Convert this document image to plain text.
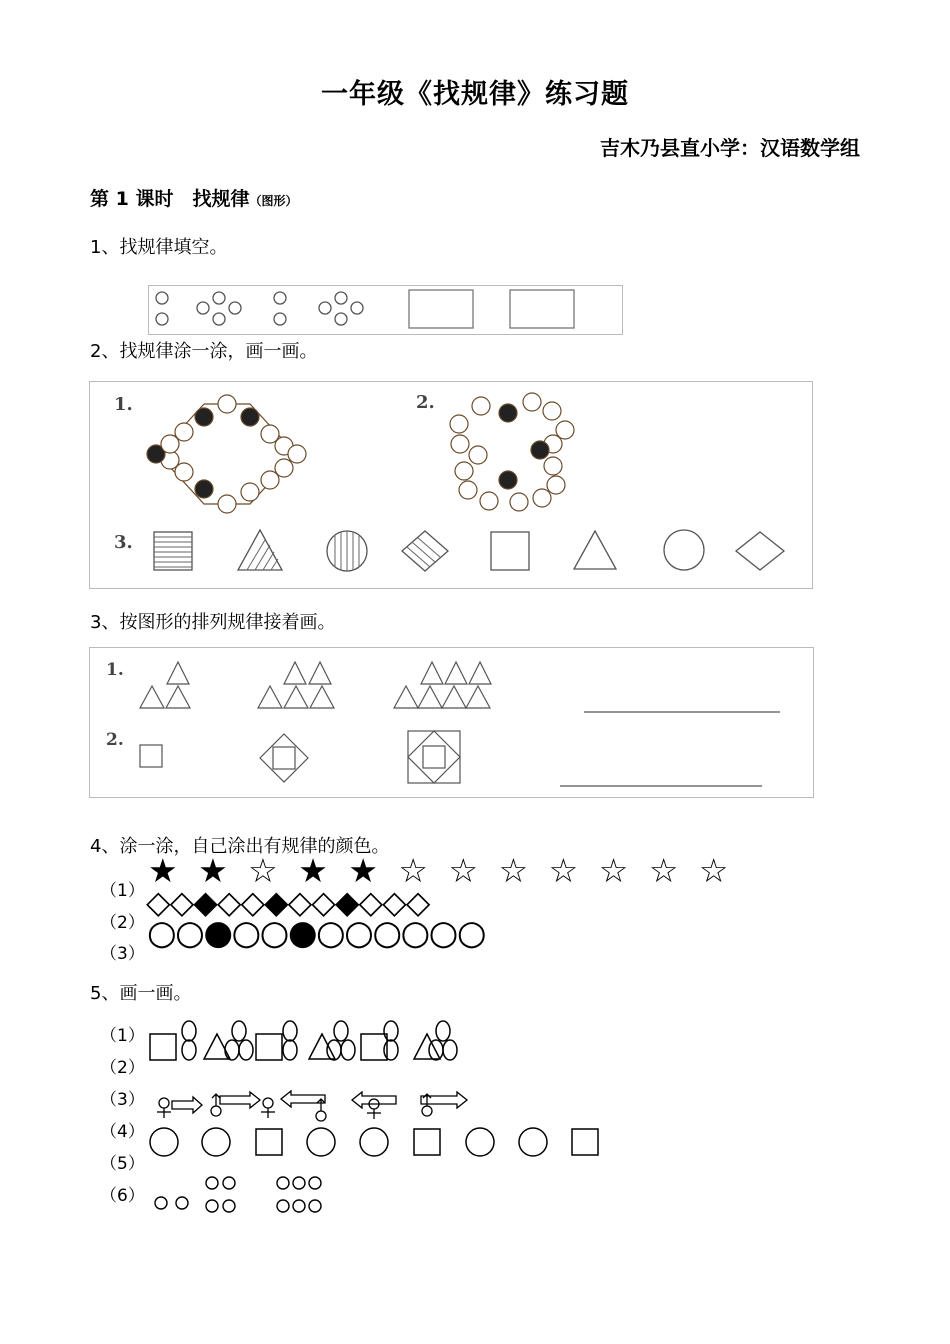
一年级《找规律》练习题
吉木乃县直小学：汉语数学组
第 1 课时　找规律（图形）
1、找规律填空。
2、找规律涂一涂，画一画。
1.	2.
3.
3、按图形的排列规律接着画。
1.
2.
4、涂一涂，自己涂出有规律的颜色。
（1）
（2）
（3）
★★☆★★☆☆☆☆☆☆☆
◇◇◆◇◇◆◇◇◆◇◇◇
○○●○○●○○○○○○
5、画一画。
（1）
（2）
（3）
（4）
（5）
（6）
